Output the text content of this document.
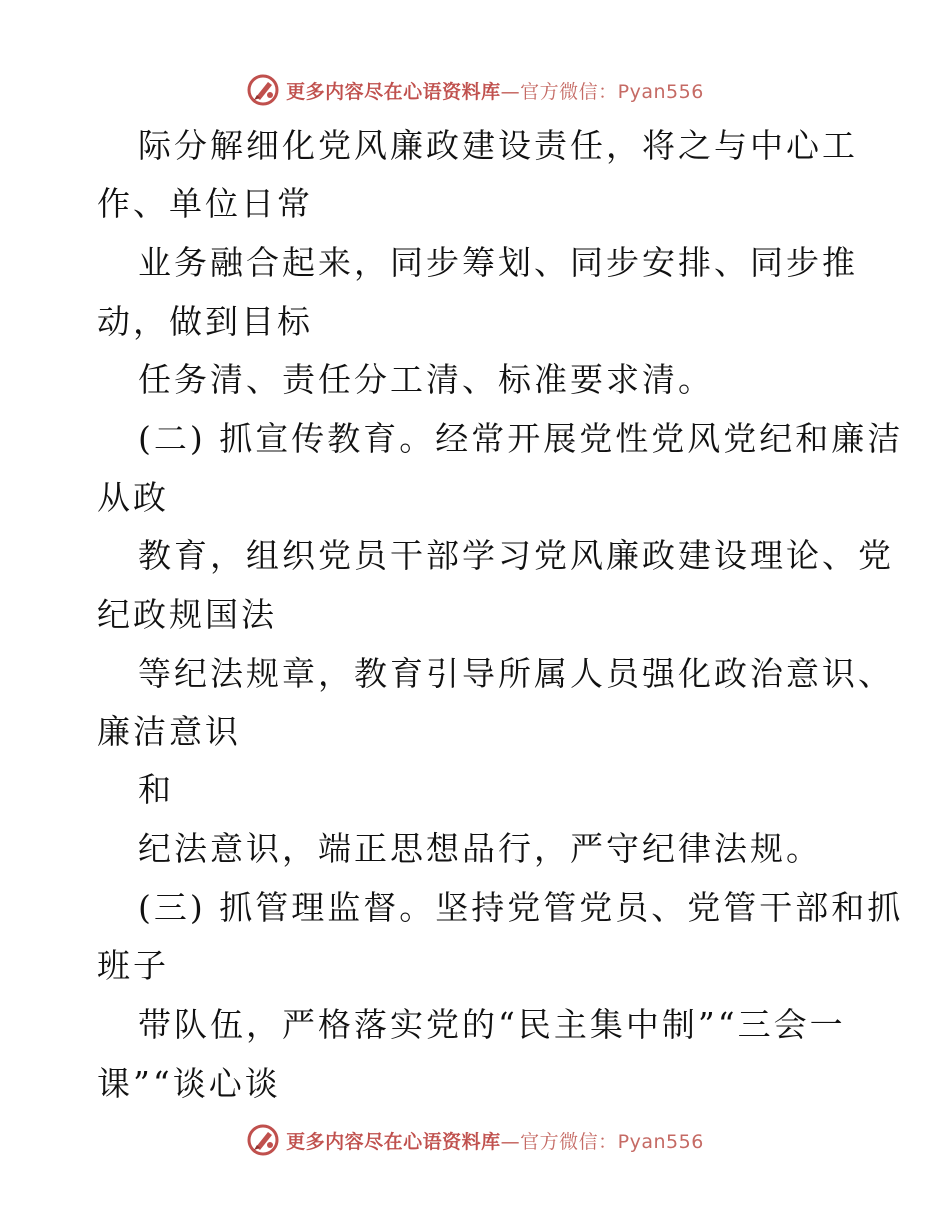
更多内容尽在心语资料库—官方微信：Pyan556
际分解细化党风廉政建设责任，将之与中心工
作、单位日常
业务融合起来，同步筹划、同步安排、同步推
动，做到目标
任务清、责任分工清、标准要求清。
(二) 抓宣传教育。经常开展党性党风党纪和廉洁
从政
教育，组织党员干部学习党风廉政建设理论、党
纪政规国法
等纪法规章，教育引导所属人员强化政治意识、
廉洁意识
和
纪法意识，端正思想品行，严守纪律法规。
(三) 抓管理监督。坚持党管党员、党管干部和抓
班子
带队伍，严格落实党的“民主集中制”“三会一
课”“谈心谈
更多内容尽在心语资料库—官方微信：Pyan556
